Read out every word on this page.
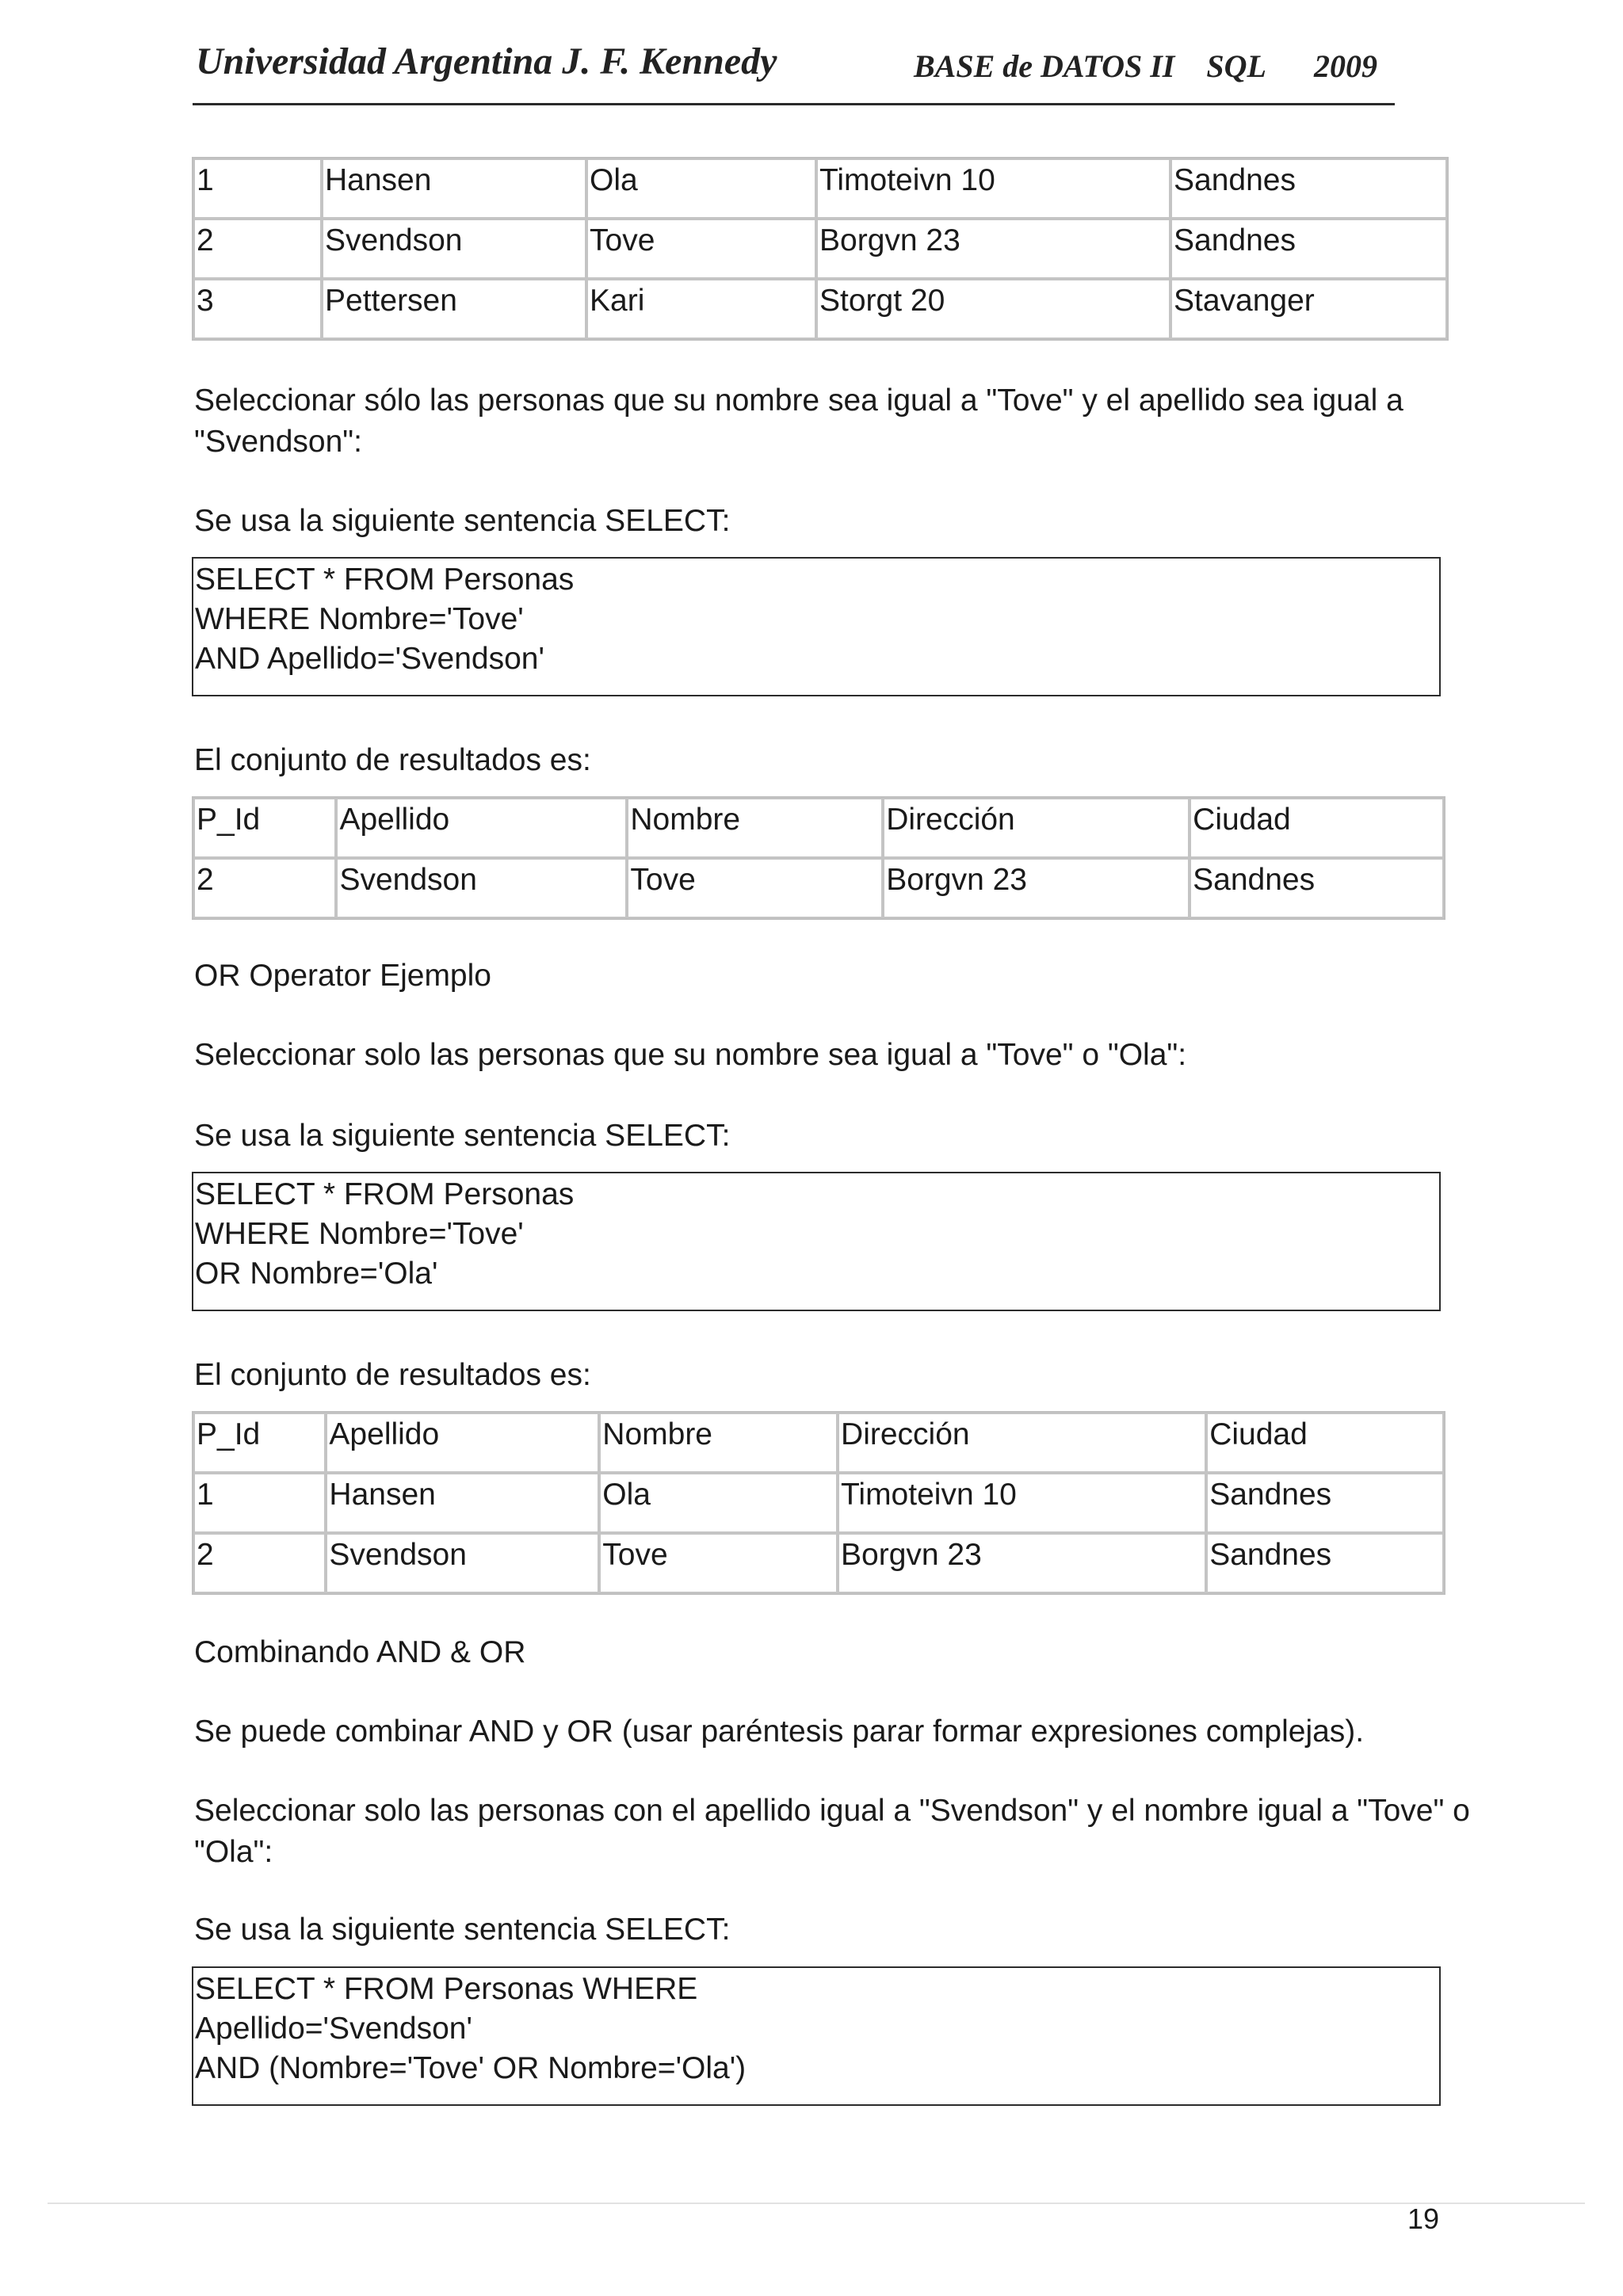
Universidad Argentina J. F. Kennedy	BASE de DATOS II SQL 2009
1	Hansen	Ola	Timoteivn 10	Sandnes
2	Svendson	Tove	Borgvn 23	Sandnes
3	Pettersen	Kari	Storgt 20	Stavanger
Seleccionar sólo las personas que su nombre sea igual a "Tove" y el apellido sea igual a
"Svendson":
Se usa la siguiente sentencia SELECT:
SELECT * FROM Personas
WHERE Nombre='Tove'
AND Apellido='Svendson'
El conjunto de resultados es:
P_Id	Apellido	Nombre	Dirección	Ciudad
2	Svendson	Tove	Borgvn 23	Sandnes
OR Operator Ejemplo
Seleccionar solo las personas que su nombre sea igual a "Tove" o "Ola":
Se usa la siguiente sentencia SELECT:
SELECT * FROM Personas
WHERE Nombre='Tove'
OR Nombre='Ola'
El conjunto de resultados es:
P_Id	Apellido	Nombre	Dirección	Ciudad
1	Hansen	Ola	Timoteivn 10	Sandnes
2	Svendson	Tove	Borgvn 23	Sandnes
Combinando AND & OR
Se puede combinar AND y OR (usar paréntesis parar formar expresiones complejas).
Seleccionar solo las personas con el apellido igual a "Svendson" y el nombre igual a "Tove" o
"Ola":
Se usa la siguiente sentencia SELECT:
SELECT * FROM Personas WHERE
Apellido='Svendson'
AND (Nombre='Tove' OR Nombre='Ola')
19
